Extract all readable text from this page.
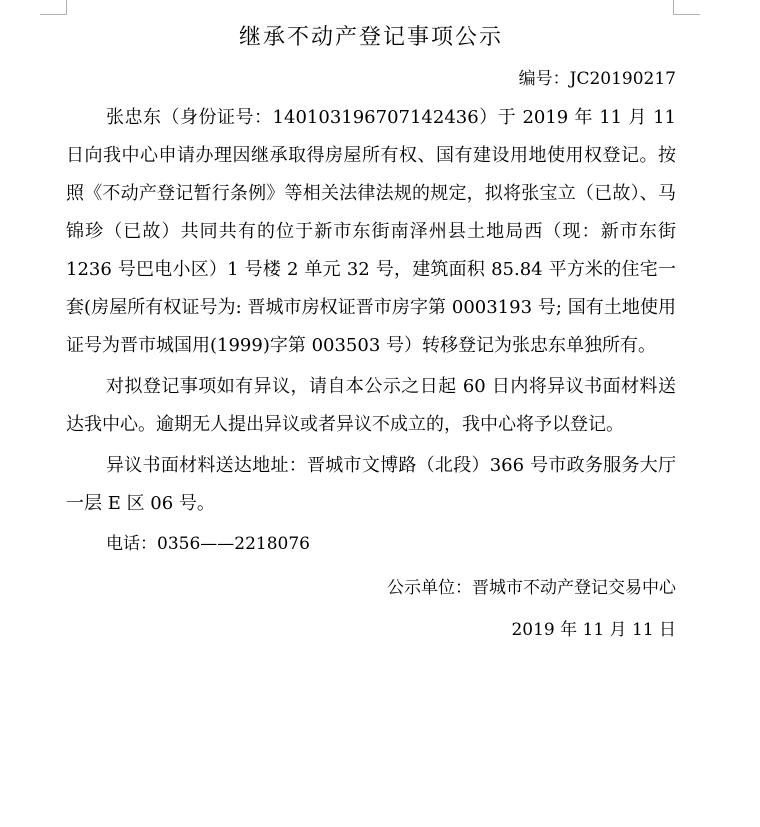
继承不动产登记事项公示

编号：JC20190217

张忠东（身份证号：140103196707142436）于 2019 年 11 月 11 日向我中心申请办理因继承取得房屋所有权、国有建设用地使用权登记。按照《不动产登记暂行条例》等相关法律法规的规定，拟将张宝立（已故）、马锦珍（已故）共同共有的位于新市东街南泽州县土地局西（现：新市东街 1236 号巴电小区）1 号楼 2 单元 32 号，建筑面积 85.84 平方米的住宅一套(房屋所有权证号为: 晋城市房权证晋市房字第 0003193 号; 国有土地使用证号为晋市城国用(1999)字第 003503 号）转移登记为张忠东单独所有。

对拟登记事项如有异议，请自本公示之日起 60 日内将异议书面材料送达我中心。逾期无人提出异议或者异议不成立的，我中心将予以登记。

异议书面材料送达地址：晋城市文博路（北段）366 号市政务服务大厅一层 E 区 06 号。

电话：0356——2218076

公示单位：晋城市不动产登记交易中心

2019 年 11 月 11 日
